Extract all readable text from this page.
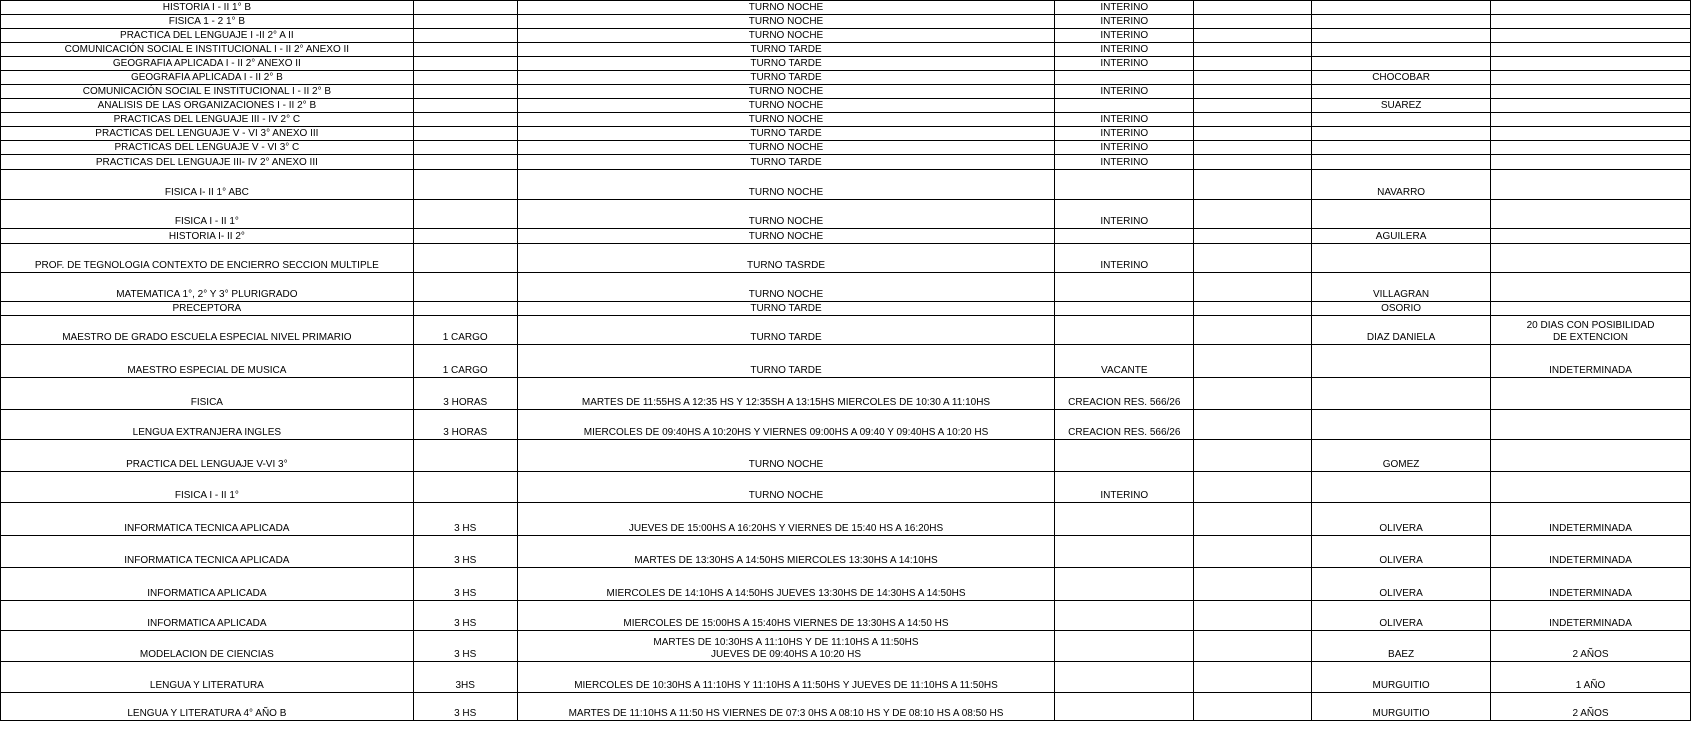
HISTORIA I - II 1° B		TURNO NOCHE	INTERINO			
FISICA 1 - 2 1° B		TURNO NOCHE	INTERINO			
PRACTICA DEL LENGUAJE I -II 2° A II		TURNO NOCHE	INTERINO			
COMUNICACIÓN SOCIAL E INSTITUCIONAL I - II 2° ANEXO II		TURNO TARDE	INTERINO			
GEOGRAFIA APLICADA I - II 2° ANEXO II		TURNO TARDE	INTERINO			
GEOGRAFIA APLICADA I - II 2° B		TURNO TARDE			CHOCOBAR	
COMUNICACIÓN SOCIAL E INSTITUCIONAL I - II 2° B		TURNO NOCHE	INTERINO			
ANALISIS DE LAS ORGANIZACIONES I - II 2° B		TURNO NOCHE			SUAREZ	
PRACTICAS DEL LENGUAJE III - IV 2° C		TURNO NOCHE	INTERINO			
PRACTICAS DEL LENGUAJE V - VI 3° ANEXO III		TURNO TARDE	INTERINO			
PRACTICAS DEL LENGUAJE V - VI 3° C		TURNO NOCHE	INTERINO			
PRACTICAS DEL LENGUAJE III- IV 2° ANEXO III		TURNO TARDE	INTERINO			
FISICA I- II 1° ABC		TURNO NOCHE			NAVARRO	
FISICA I - II 1°		TURNO NOCHE	INTERINO			
HISTORIA I- II 2°		TURNO NOCHE			AGUILERA	
PROF. DE TEGNOLOGIA CONTEXTO DE ENCIERRO SECCION MULTIPLE		TURNO TASRDE	INTERINO			
MATEMATICA 1°, 2° Y 3° PLURIGRADO		TURNO NOCHE			VILLAGRAN	
PRECEPTORA		TURNO TARDE			OSORIO	
MAESTRO DE GRADO ESCUELA ESPECIAL NIVEL PRIMARIO	1 CARGO	TURNO TARDE			DIAZ DANIELA	20 DIAS CON POSIBILIDAD
DE EXTENCION
MAESTRO ESPECIAL DE MUSICA	1 CARGO	TURNO TARDE	VACANTE			INDETERMINADA
FISICA	3 HORAS	MARTES DE 11:55HS A 12:35 HS Y 12:35SH A 13:15HS MIERCOLES DE 10:30 A 11:10HS	CREACION RES. 566/26			
LENGUA EXTRANJERA INGLES	3 HORAS	MIERCOLES DE 09:40HS A 10:20HS Y VIERNES 09:00HS A 09:40 Y 09:40HS A 10:20 HS	CREACION RES. 566/26			
PRACTICA DEL LENGUAJE V-VI 3°		TURNO NOCHE			GOMEZ	
FISICA I - II 1°		TURNO NOCHE	INTERINO			
INFORMATICA TECNICA APLICADA	3 HS	JUEVES DE 15:00HS A 16:20HS Y VIERNES DE 15:40 HS A 16:20HS			OLIVERA	INDETERMINADA
INFORMATICA TECNICA APLICADA	3 HS	MARTES DE 13:30HS A 14:50HS MIERCOLES 13:30HS A 14:10HS			OLIVERA	INDETERMINADA
INFORMATICA APLICADA	3 HS	MIERCOLES DE 14:10HS A 14:50HS JUEVES 13:30HS DE 14:30HS A 14:50HS			OLIVERA	INDETERMINADA
INFORMATICA APLICADA	3 HS	MIERCOLES DE 15:00HS A 15:40HS VIERNES DE 13:30HS A 14:50 HS			OLIVERA	INDETERMINADA
MODELACION DE CIENCIAS	3 HS	MARTES DE 10:30HS A 11:10HS Y DE 11:10HS A 11:50HS
JUEVES DE 09:40HS A 10:20 HS			BAEZ	2 AÑOS
LENGUA Y LITERATURA	3HS	MIERCOLES DE 10:30HS A 11:10HS Y 11:10HS A 11:50HS Y JUEVES DE 11:10HS A 11:50HS			MURGUITIO	1 AÑO
LENGUA Y LITERATURA 4° AÑO B	3 HS	MARTES DE 11:10HS A 11:50 HS VIERNES DE 07:3 0HS A 08:10 HS Y DE 08:10 HS A 08:50 HS			MURGUITIO	2 AÑOS
